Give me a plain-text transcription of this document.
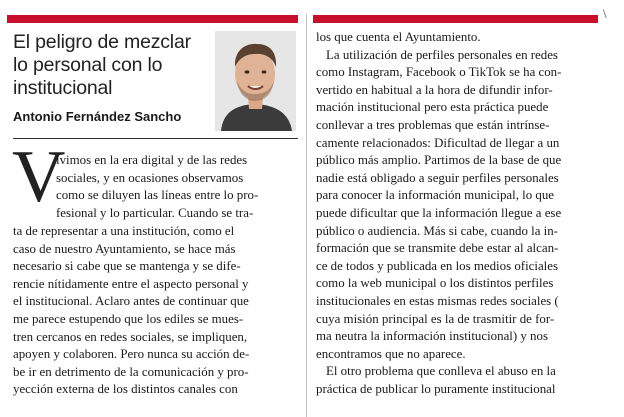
\
El peligro de mezclar lo personal con lo institucional
Antonio Fernández Sancho
V
ivimos en la era digital y de las redes
sociales, y en ocasiones observamos
como se diluyen las líneas entre lo pro-
fesional y lo particular. Cuando se tra-
ta de representar a una institución, como el
caso de nuestro Ayuntamiento, se hace más
necesario si cabe que se mantenga y se dife-
rencie nítidamente entre el aspecto personal y
el institucional. Aclaro antes de continuar que
me parece estupendo que los ediles se mues-
tren cercanos en redes sociales, se impliquen,
apoyen y colaboren. Pero nunca su acción de-
be ir en detrimento de la comunicación y pro-
yección externa de los distintos canales con
los que cuenta el Ayuntamiento.
La utilización de perfiles personales en redes
como Instagram, Facebook o TikTok se ha con-
vertido en habitual a la hora de difundir infor-
mación institucional pero esta práctica puede
conllevar a tres problemas que están intrínse-
camente relacionados: Dificultad de llegar a un
público más amplio. Partimos de la base de que
nadie está obligado a seguir perfiles personales
para conocer la información municipal, lo que
puede dificultar que la información llegue a ese
público o audiencia. Más si cabe, cuando la in-
formación que se transmite debe estar al alcan-
ce de todos y publicada en los medios oficiales
como la web municipal o los distintos perfiles
institucionales en estas mismas redes sociales (
cuya misión principal es la de trasmitir de for-
ma neutra la información institucional) y nos
encontramos que no aparece.
El otro problema que conlleva el abuso en la
práctica de publicar lo puramente institucional
